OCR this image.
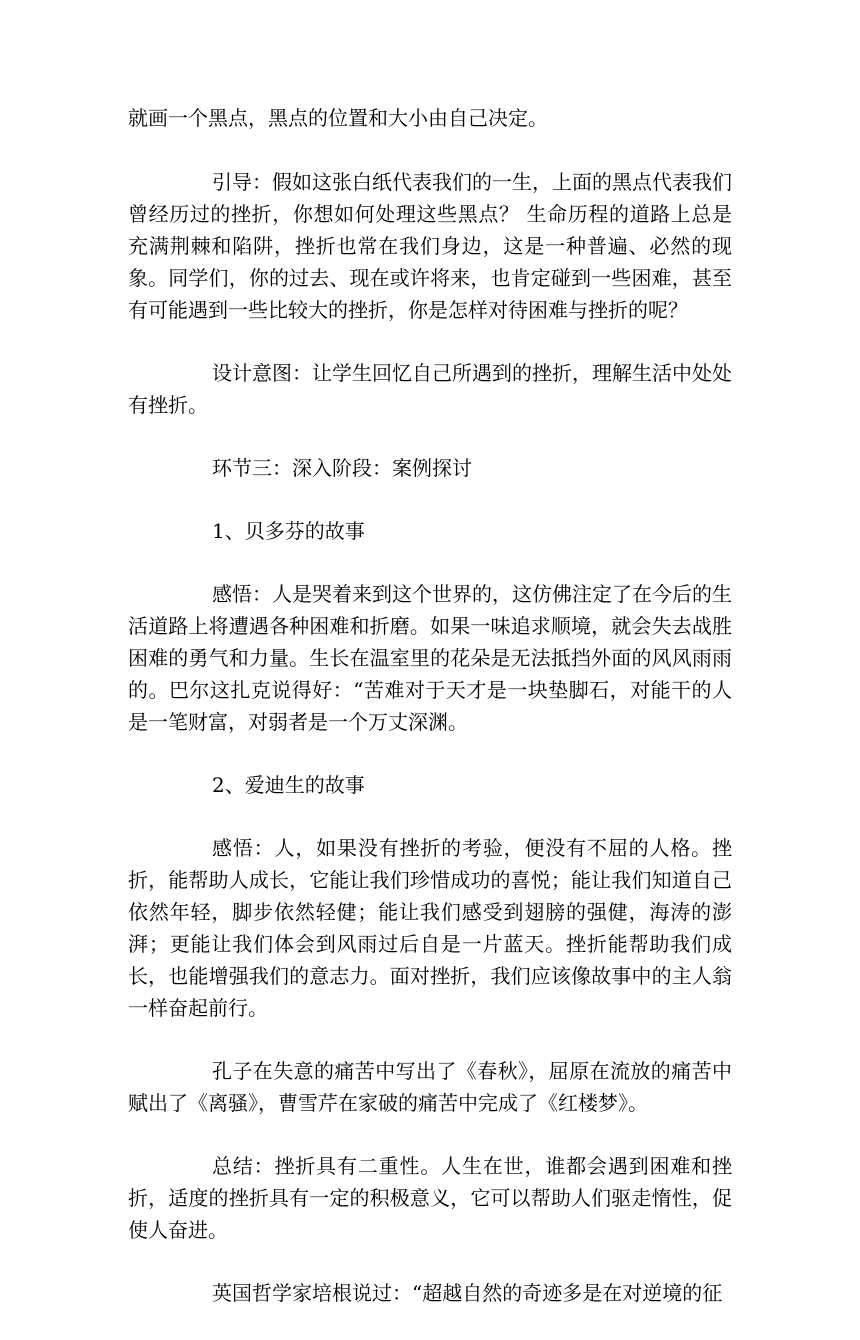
就画一个黑点，黑点的位置和大小由自己决定。

引导：假如这张白纸代表我们的一生，上面的黑点代表我们曾经历过的挫折，你想如何处理这些黑点？ 生命历程的道路上总是充满荆棘和陷阱，挫折也常在我们身边，这是一种普遍、必然的现象。同学们，你的过去、现在或许将来，也肯定碰到一些困难，甚至有可能遇到一些比较大的挫折，你是怎样对待困难与挫折的呢？

设计意图：让学生回忆自己所遇到的挫折，理解生活中处处有挫折。

环节三：深入阶段：案例探讨

1、贝多芬的故事

感悟：人是哭着来到这个世界的，这仿佛注定了在今后的生活道路上将遭遇各种困难和折磨。如果一味追求顺境，就会失去战胜困难的勇气和力量。生长在温室里的花朵是无法抵挡外面的风风雨雨的。巴尔这扎克说得好：“苦难对于天才是一块垫脚石，对能干的人是一笔财富，对弱者是一个万丈深渊。

2、爱迪生的故事

感悟：人，如果没有挫折的考验，便没有不屈的人格。挫折，能帮助人成长，它能让我们珍惜成功的喜悦；能让我们知道自己依然年轻，脚步依然轻健；能让我们感受到翅膀的强健，海涛的澎湃；更能让我们体会到风雨过后自是一片蓝天。挫折能帮助我们成长，也能增强我们的意志力。面对挫折，我们应该像故事中的主人翁一样奋起前行。

孔子在失意的痛苦中写出了《春秋》，屈原在流放的痛苦中赋出了《离骚》，曹雪芹在家破的痛苦中完成了《红楼梦》。

总结：挫折具有二重性。人生在世，谁都会遇到困难和挫折，适度的挫折具有一定的积极意义，它可以帮助人们驱走惰性，促使人奋进。

英国哲学家培根说过：“超越自然的奇迹多是在对逆境的征
